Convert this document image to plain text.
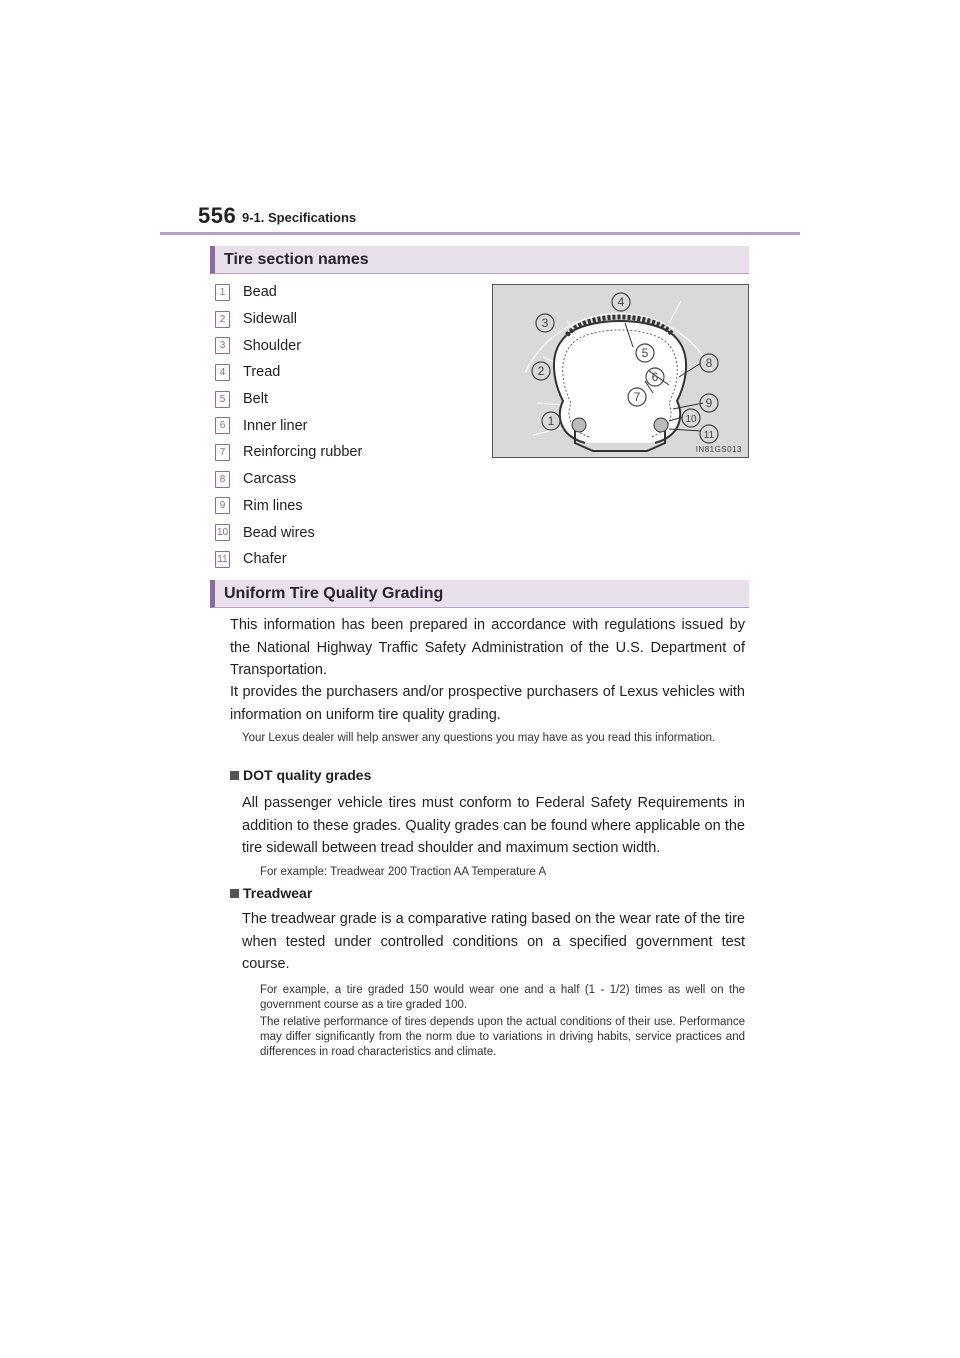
556 9-1. Specifications
Tire section names
1	Bead
2	Sidewall
3	Shoulder
4	Tread
5	Belt
6	Inner liner
7	Reinforcing rubber
8	Carcass
9	Rim lines
10 Bead wires
11 Chafer
1
2
3
4
5
6
7
8
9
10
11
IN81GS013
Uniform Tire Quality Grading

This information has been prepared in accordance with regulations issued by the National Highway Traffic Safety Administration of the U.S. Department of Transportation.

It provides the purchasers and/or prospective purchasers of Lexus vehicles with information on uniform tire quality grading.

Your Lexus dealer will help answer any questions you may have as you read this information.

DOT quality grades

All passenger vehicle tires must conform to Federal Safety Requirements in addition to these grades. Quality grades can be found where applicable on the tire sidewall between tread shoulder and maximum section width.

For example: Treadwear 200 Traction AA Temperature A

Treadwear

The treadwear grade is a comparative rating based on the wear rate of the tire when tested under controlled conditions on a specified government test course.

For example, a tire graded 150 would wear one and a half (1 - 1/2) times as well on the government course as a tire graded 100.

The relative performance of tires depends upon the actual conditions of their use. Performance may differ significantly from the norm due to variations in driving habits, service practices and differences in road characteristics and climate.
